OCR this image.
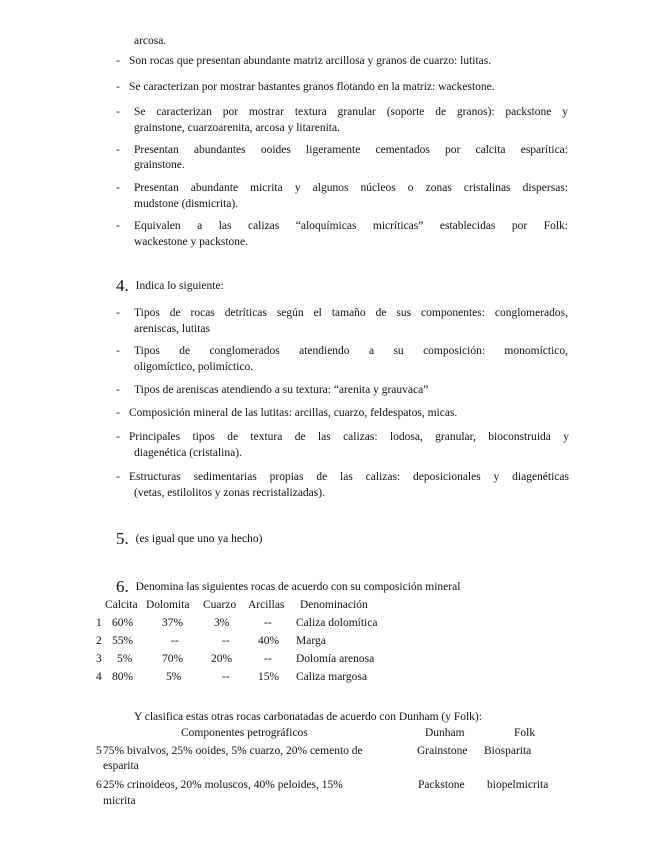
arcosa.
- Son rocas que presentan abundante matriz arcillosa y granos de cuarzo: lutitas.
- Se caracterizan por mostrar bastantes granos flotando en la matriz: wackestone.
- Se caracterizan por mostrar textura granular (soporte de granos): packstone y
grainstone, cuarzoarenita, arcosa y litarenita.
- Presentan abundantes ooides ligeramente cementados por calcita esparítica:
grainstone.
- Presentan abundante micrita y algunos núcleos o zonas cristalinas dispersas:
mudstone (dismicrita).
- Equivalen a las calizas “aloquímicas micríticas” establecidas por Folk:
wackestone y packstone.
4. Indica lo siguiente:
- Tipos de rocas detríticas según el tamaño de sus componentes: conglomerados,
areniscas, lutitas
- Tipos de conglomerados atendiendo a su composición: monomíctico,
oligomíctico, polimíctico.
- Tipos de areniscas atendiendo a su textura: “arenita y grauvaca”
- Composición mineral de las lutitas: arcillas, cuarzo, feldespatos, micas.
- Principales tipos de textura de las calizas: lodosa, granular, bioconstruida y
diagenética (cristalina).
- Estructuras sedimentarias propias de las calizas: deposicionales y diagenéticas
(vetas, estilolitos y zonas recristalizadas).
5. (es igual que uno ya hecho)
6. Denomina las siguientes rocas de acuerdo con su composición mineral
Calcita Dolomita Cuarzo Arcillas Denominación
1 60%	37%	3%	-- Caliza dolomítica
2 55%	--	-- 40% Marga
3 5%	70% 20%	-- Dolomía arenosa
4 80%	5%	-- 15% Caliza margosa
Y clasifica estas otras rocas carbonatadas de acuerdo con Dunham (y Folk):
Componentes petrográficos	Dunham	Folk
5 75% bivalvos, 25% ooides, 5% cuarzo, 20% cemento de
esparita
Grainstone Biosparita
6 25% crinoideos, 20% moluscos, 40% peloides, 15%
micrita
Packstone biopelmicrita
